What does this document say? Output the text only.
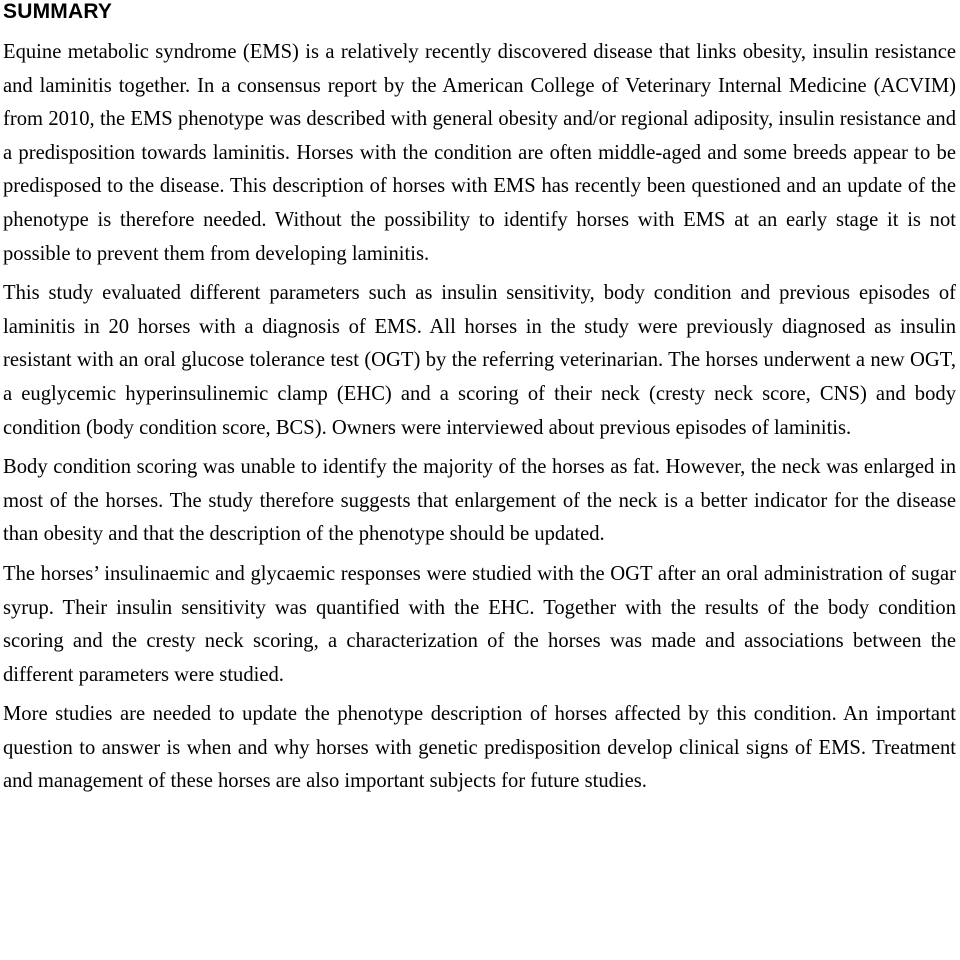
SUMMARY

Equine metabolic syndrome (EMS) is a relatively recently discovered disease that links obesity, insulin resistance and laminitis together. In a consensus report by the American College of Veterinary Internal Medicine (ACVIM) from 2010, the EMS phenotype was described with general obesity and/or regional adiposity, insulin resistance and a predisposition towards laminitis. Horses with the condition are often middle-aged and some breeds appear to be predisposed to the disease. This description of horses with EMS has recently been questioned and an update of the phenotype is therefore needed. Without the possibility to identify horses with EMS at an early stage it is not possible to prevent them from developing laminitis.

This study evaluated different parameters such as insulin sensitivity, body condition and previous episodes of laminitis in 20 horses with a diagnosis of EMS. All horses in the study were previously diagnosed as insulin resistant with an oral glucose tolerance test (OGT) by the referring veterinarian. The horses underwent a new OGT, a euglycemic hyperinsulinemic clamp (EHC) and a scoring of their neck (cresty neck score, CNS) and body condition (body condition score, BCS). Owners were interviewed about previous episodes of laminitis.

Body condition scoring was unable to identify the majority of the horses as fat. However, the neck was enlarged in most of the horses. The study therefore suggests that enlargement of the neck is a better indicator for the disease than obesity and that the description of the phenotype should be updated.

The horses’ insulinaemic and glycaemic responses were studied with the OGT after an oral administration of sugar syrup. Their insulin sensitivity was quantified with the EHC. Together with the results of the body condition scoring and the cresty neck scoring, a characterization of the horses was made and associations between the different parameters were studied.

More studies are needed to update the phenotype description of horses affected by this condition. An important question to answer is when and why horses with genetic predisposition develop clinical signs of EMS. Treatment and management of these horses are also important subjects for future studies.
